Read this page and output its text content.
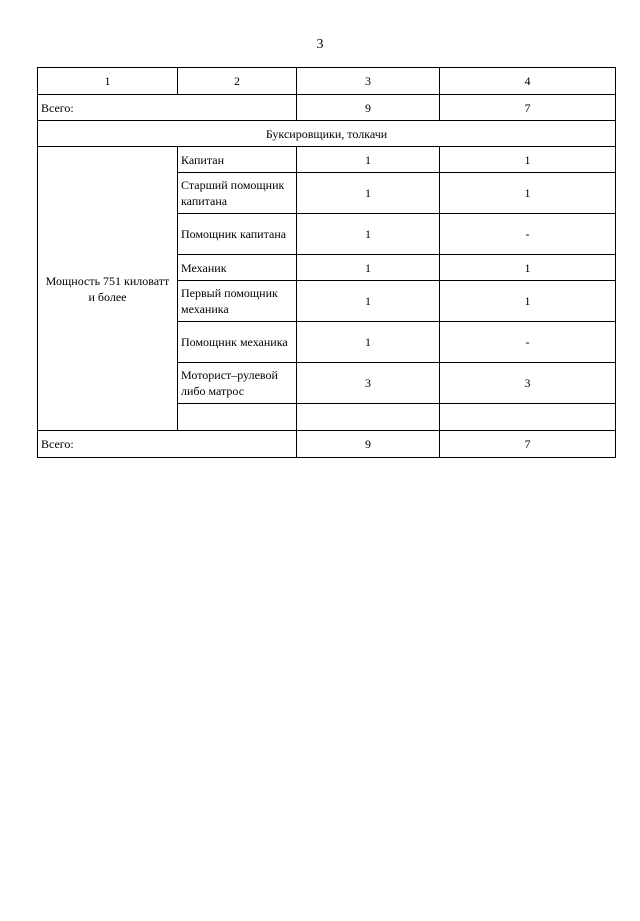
3
1	2	3	4
Всего:		9	7
Буксировщики, толкачи			
Мощность 751 киловатт и более	Капитан	1	1
	Старший помощник капитана	1	1
	Помощник капитана	1	-
	Механик	1	1
	Первый помощник механика	1	1
	Помощник механика	1	-
	Моторист–рулевой либо матрос	3	3

Всего:		9	7
